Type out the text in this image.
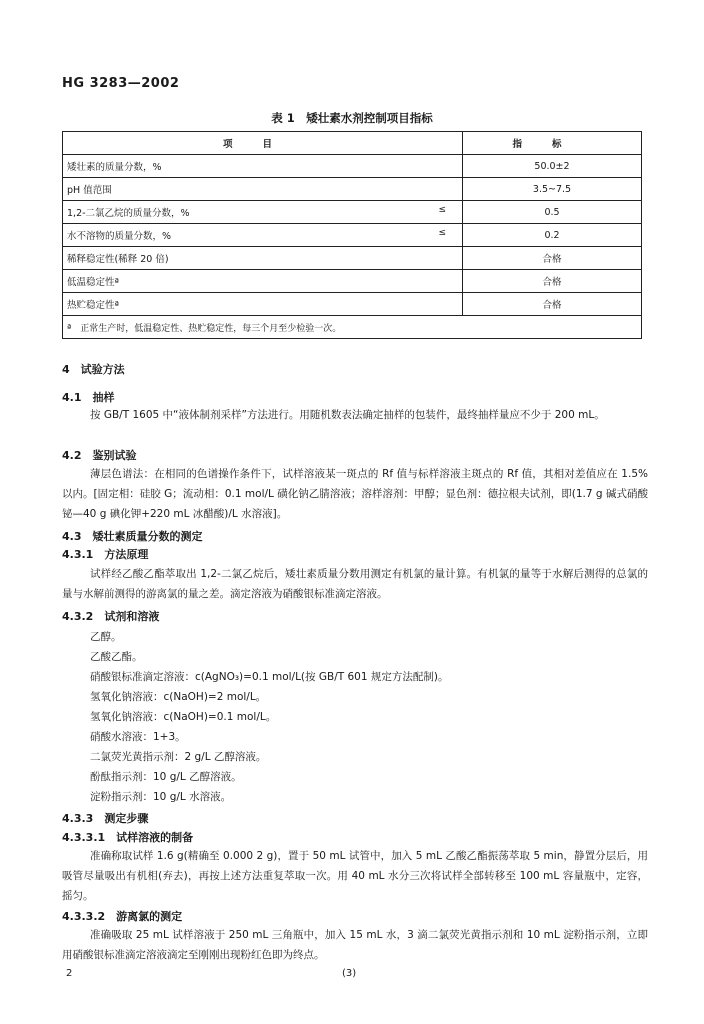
HG 3283—2002
表 1　矮壮素水剂控制项目指标
项目	指标
矮壮素的质量分数，%	50.0±2
pH 值范围	3.5~7.5
1,2-二氯乙烷的质量分数，% ≤	0.5
水不溶物的质量分数，% ≤	0.2
稀释稳定性(稀释 20 倍)	合格
低温稳定性ª	合格
热贮稳定性ª	合格
ª　正常生产时，低温稳定性、热贮稳定性，每三个月至少检验一次。	
4　试验方法
4.1　抽样
按 GB/T 1605 中“液体制剂采样”方法进行。用随机数表法确定抽样的包装件，最终抽样量应不少于 200 mL。
4.2　鉴别试验
薄层色谱法：在相同的色谱操作条件下，试样溶液某一斑点的 Rf 值与标样溶液主斑点的 Rf 值，其相对差值应在 1.5%以内。[固定相：硅胶 G；流动相：0.1 mol/L 磺化钠乙腈溶液；溶样溶剂：甲醇；显色剂：德拉根夫试剂，即(1.7 g 碱式硝酸铋—40 g 碘化钾+220 mL 冰醋酸)/L 水溶液]。
4.3　矮壮素质量分数的测定
4.3.1　方法原理
试样经乙酸乙酯萃取出 1,2-二氯乙烷后，矮壮素质量分数用测定有机氯的量计算。有机氯的量等于水解后测得的总氯的量与水解前测得的游离氯的量之差。滴定溶液为硝酸银标准滴定溶液。
4.3.2　试剂和溶液
乙醇。
乙酸乙酯。
硝酸银标准滴定溶液：c(AgNO₃)=0.1 mol/L(按 GB/T 601 规定方法配制)。
氢氧化钠溶液：c(NaOH)=2 mol/L。
氢氧化钠溶液：c(NaOH)=0.1 mol/L。
硝酸水溶液：1+3。
二氯荧光黄指示剂：2 g/L 乙醇溶液。
酚酞指示剂：10 g/L 乙醇溶液。
淀粉指示剂：10 g/L 水溶液。
4.3.3　测定步骤
4.3.3.1　试样溶液的制备
准确称取试样 1.6 g(精确至 0.000 2 g)，置于 50 mL 试管中，加入 5 mL 乙酸乙酯振荡萃取 5 min，静置分层后，用吸管尽量吸出有机相(弃去)，再按上述方法重复萃取一次。用 40 mL 水分三次将试样全部转移至 100 mL 容量瓶中，定容，摇匀。
4.3.3.2　游离氯的测定
准确吸取 25 mL 试样溶液于 250 mL 三角瓶中，加入 15 mL 水，3 滴二氯荧光黄指示剂和 10 mL 淀粉指示剂，立即用硝酸银标准滴定溶液滴定至刚刚出现粉红色即为终点。
2	(3)
